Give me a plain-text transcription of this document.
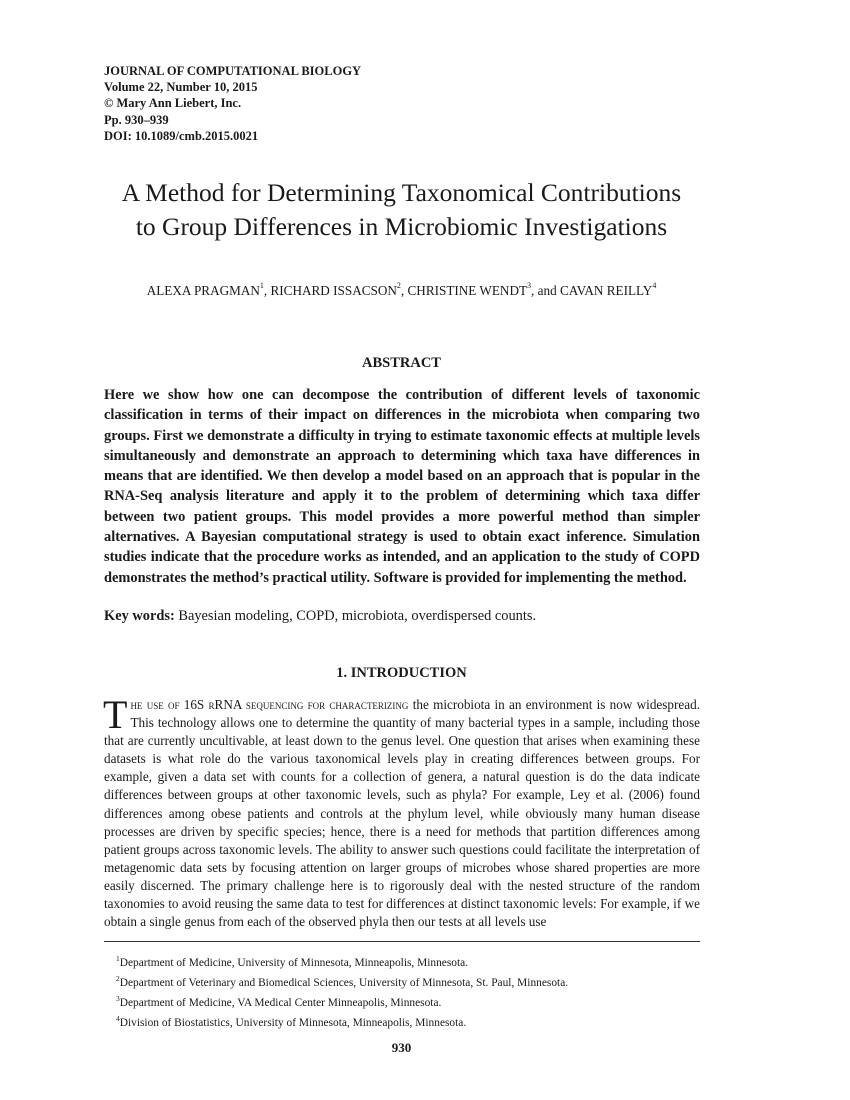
JOURNAL OF COMPUTATIONAL BIOLOGY
Volume 22, Number 10, 2015
© Mary Ann Liebert, Inc.
Pp. 930–939
DOI: 10.1089/cmb.2015.0021
A Method for Determining Taxonomical Contributions
to Group Differences in Microbiomic Investigations
ALEXA PRAGMAN$^1$, RICHARD ISSACSON$^2$, CHRISTINE WENDT$^3$, and CAVAN REILLY$^4$
ABSTRACT
Here we show how one can decompose the contribution of different levels of taxonomic classification in terms of their impact on differences in the microbiota when comparing two groups. First we demonstrate a difficulty in trying to estimate taxonomic effects at multiple levels simultaneously and demonstrate an approach to determining which taxa have differences in means that are identified. We then develop a model based on an approach that is popular in the RNA-Seq analysis literature and apply it to the problem of determining which taxa differ between two patient groups. This model provides a more powerful method than simpler alternatives. A Bayesian computational strategy is used to obtain exact inference. Simulation studies indicate that the procedure works as intended, and an application to the study of COPD demonstrates the method’s practical utility. Software is provided for implementing the method.
Key words: Bayesian modeling, COPD, microbiota, overdispersed counts.
1. INTRODUCTION
The use of 16S rRNA sequencing for characterizing the microbiota in an environment is now widespread. This technology allows one to determine the quantity of many bacterial types in a sample, including those that are currently uncultivable, at least down to the genus level. One question that arises when examining these datasets is what role do the various taxonomical levels play in creating differences between groups. For example, given a data set with counts for a collection of genera, a natural question is do the data indicate differences between groups at other taxonomic levels, such as phyla? For example, Ley et al. (2006) found differences among obese patients and controls at the phylum level, while obviously many human disease processes are driven by specific species; hence, there is a need for methods that partition differences among patient groups across taxonomic levels. The ability to answer such questions could facilitate the interpretation of metagenomic data sets by focusing attention on larger groups of microbes whose shared properties are more easily discerned. The primary challenge here is to rigorously deal with the nested structure of the random taxonomies to avoid reusing the same data to test for differences at distinct taxonomic levels: For example, if we obtain a single genus from each of the observed phyla then our tests at all levels use
$^1$Department of Medicine, University of Minnesota, Minneapolis, Minnesota.
$^2$Department of Veterinary and Biomedical Sciences, University of Minnesota, St. Paul, Minnesota.
$^3$Department of Medicine, VA Medical Center Minneapolis, Minnesota.
$^4$Division of Biostatistics, University of Minnesota, Minneapolis, Minnesota.
930
